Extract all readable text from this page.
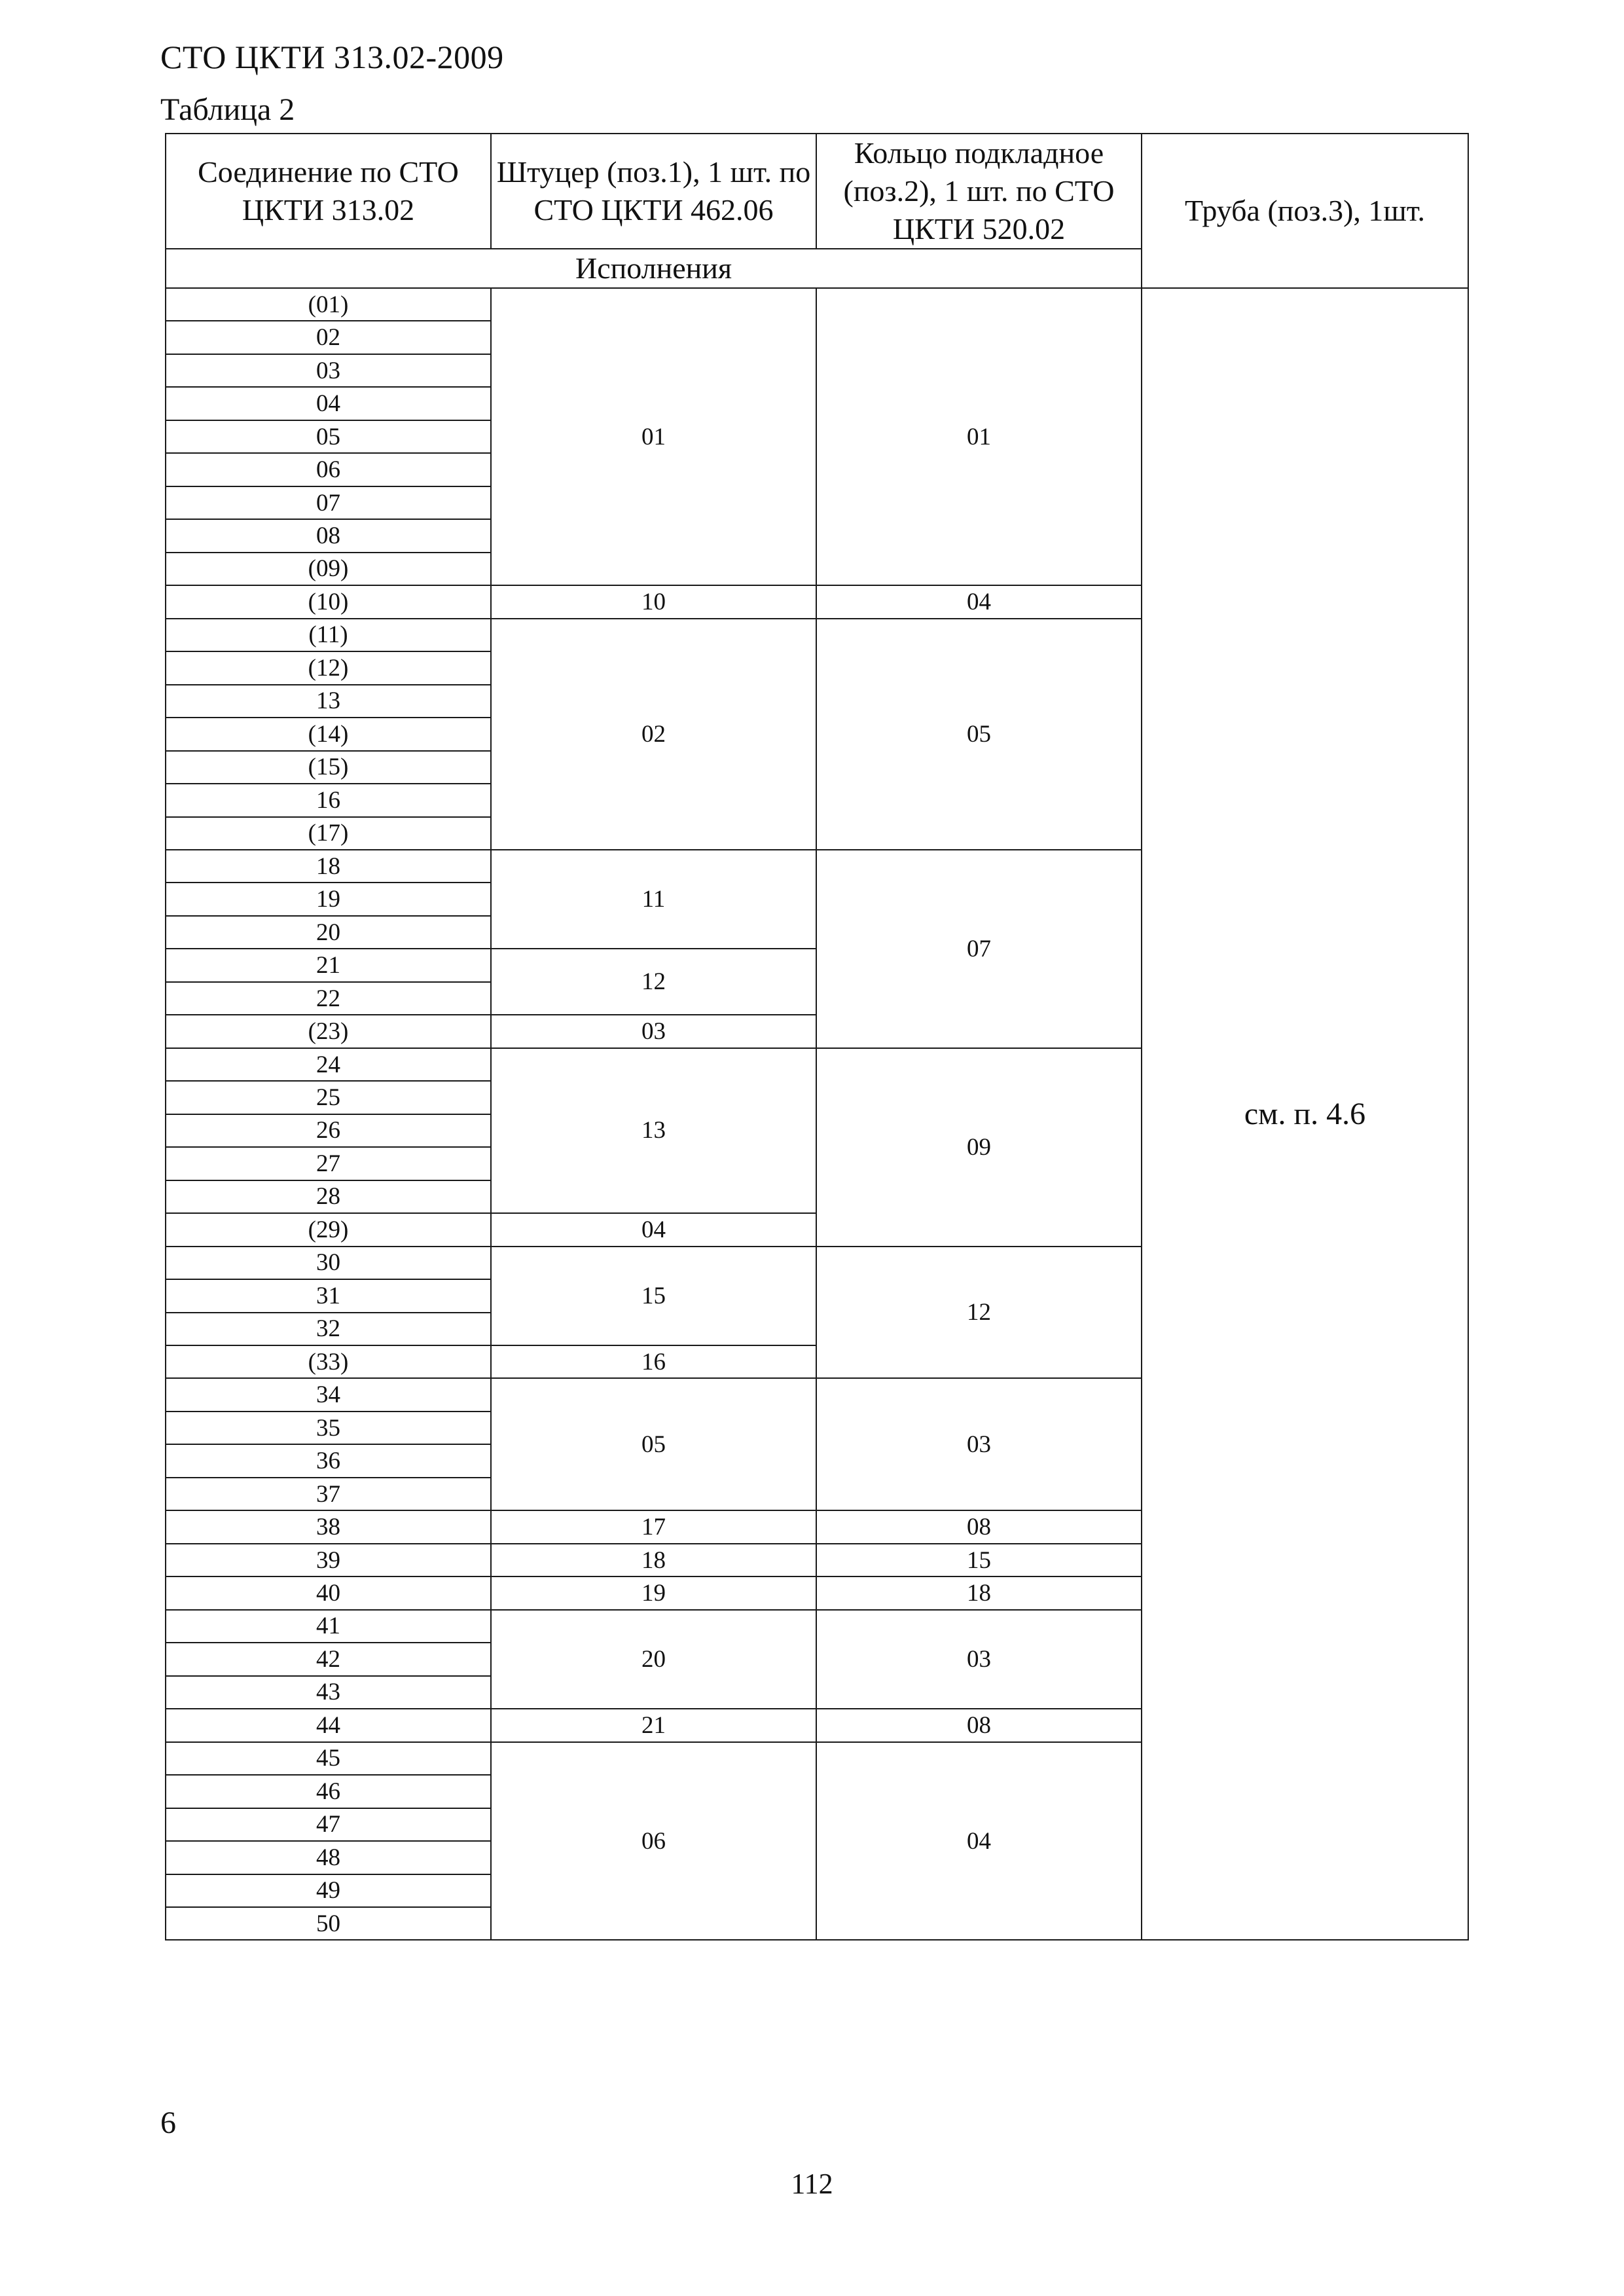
СТО ЦКТИ 313.02-2009
Таблица 2
Соединение по СТО ЦКТИ 313.02	Штуцер (поз.1), 1 шт. по СТО ЦКТИ 462.06	Кольцо подкладное (поз.2), 1 шт. по СТО ЦКТИ 520.02	Труба (поз.3), 1шт.
Исполнения			
(01)	01	01	см. п. 4.6
02			
03			
04			
05			
06			
07			
08			
(09)			
(10)	10	04	
(11)	02	05	
(12)			
13			
(14)			
(15)			
16			
(17)			
18	11	07	
19			
20			
21	12		
22			
(23)	03		
24	13	09	
25			
26			
27			
28			
(29)	04		
30	15	12	
31			
32			
(33)	16		
34	05	03	
35			
36			
37			
38	17	08	
39	18	15	
40	19	18	
41	20	03	
42			
43			
44	21	08	
45	06	04	
46			
47			
48			
49			
50			
6
112
